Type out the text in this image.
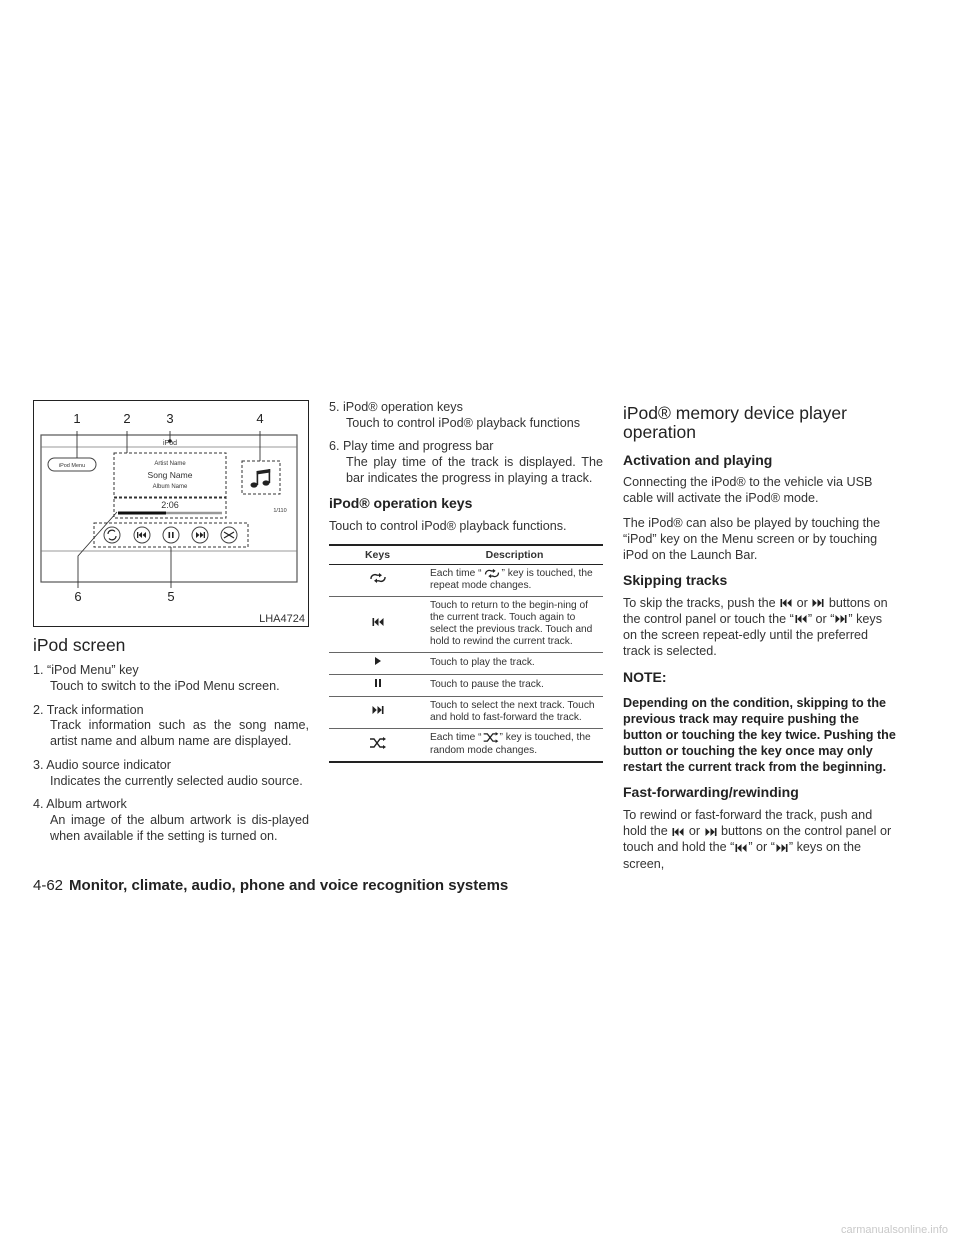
1	2	3	4
5
6
iPod
iPod Menu	Artist Name
Song Name
Album Name
2:06
1/110
LHA4724
iPod screen
1. “iPod Menu” key
Touch to switch to the iPod Menu screen.
2. Track information
Track information such as the song name, artist name and album name are displayed.
3. Audio source indicator
Indicates the currently selected audio source.
4. Album artwork
An image of the album artwork is dis-played when available if the setting is turned on.
5. iPod® operation keys
Touch to control iPod® playback functions
6. Play time and progress bar
The play time of the track is displayed. The bar indicates the progress in playing a track.
iPod® operation keys

Touch to control iPod® playback functions.

Keys	Description
	Each time “ ” key is touched, the repeat mode changes.
	Touch to return to the begin-ning of the current track. Touch again to select the previous track. Touch and hold to rewind the current track.
	Touch to play the track.
	Touch to pause the track.
	Touch to select the next track. Touch and hold to fast-forward the track.
	Each time “ ” key is touched, the random mode changes.
iPod® memory device player operation
Activation and playing

Connecting the iPod® to the vehicle via USB cable will activate the iPod® mode.

The iPod® can also be played by touching the “iPod” key on the Menu screen or by touching iPod on the Launch Bar.

Skipping tracks

To skip the tracks, push the or buttons on the control panel or touch the “ ” or “ ” keys on the screen repeat-edly until the preferred track is selected.

NOTE:

Depending on the condition, skipping to the previous track may require pushing the button or touching the key twice. Pushing the button or touching the key once may only restart the current track from the beginning.

Fast-forwarding/rewinding

To rewind or fast-forward the track, push and hold the or buttons on the control panel or touch and hold the “ ” or “ ” keys on the screen,

4-62 Monitor, climate, audio, phone and voice recognition systems
carmanualsonline.info
